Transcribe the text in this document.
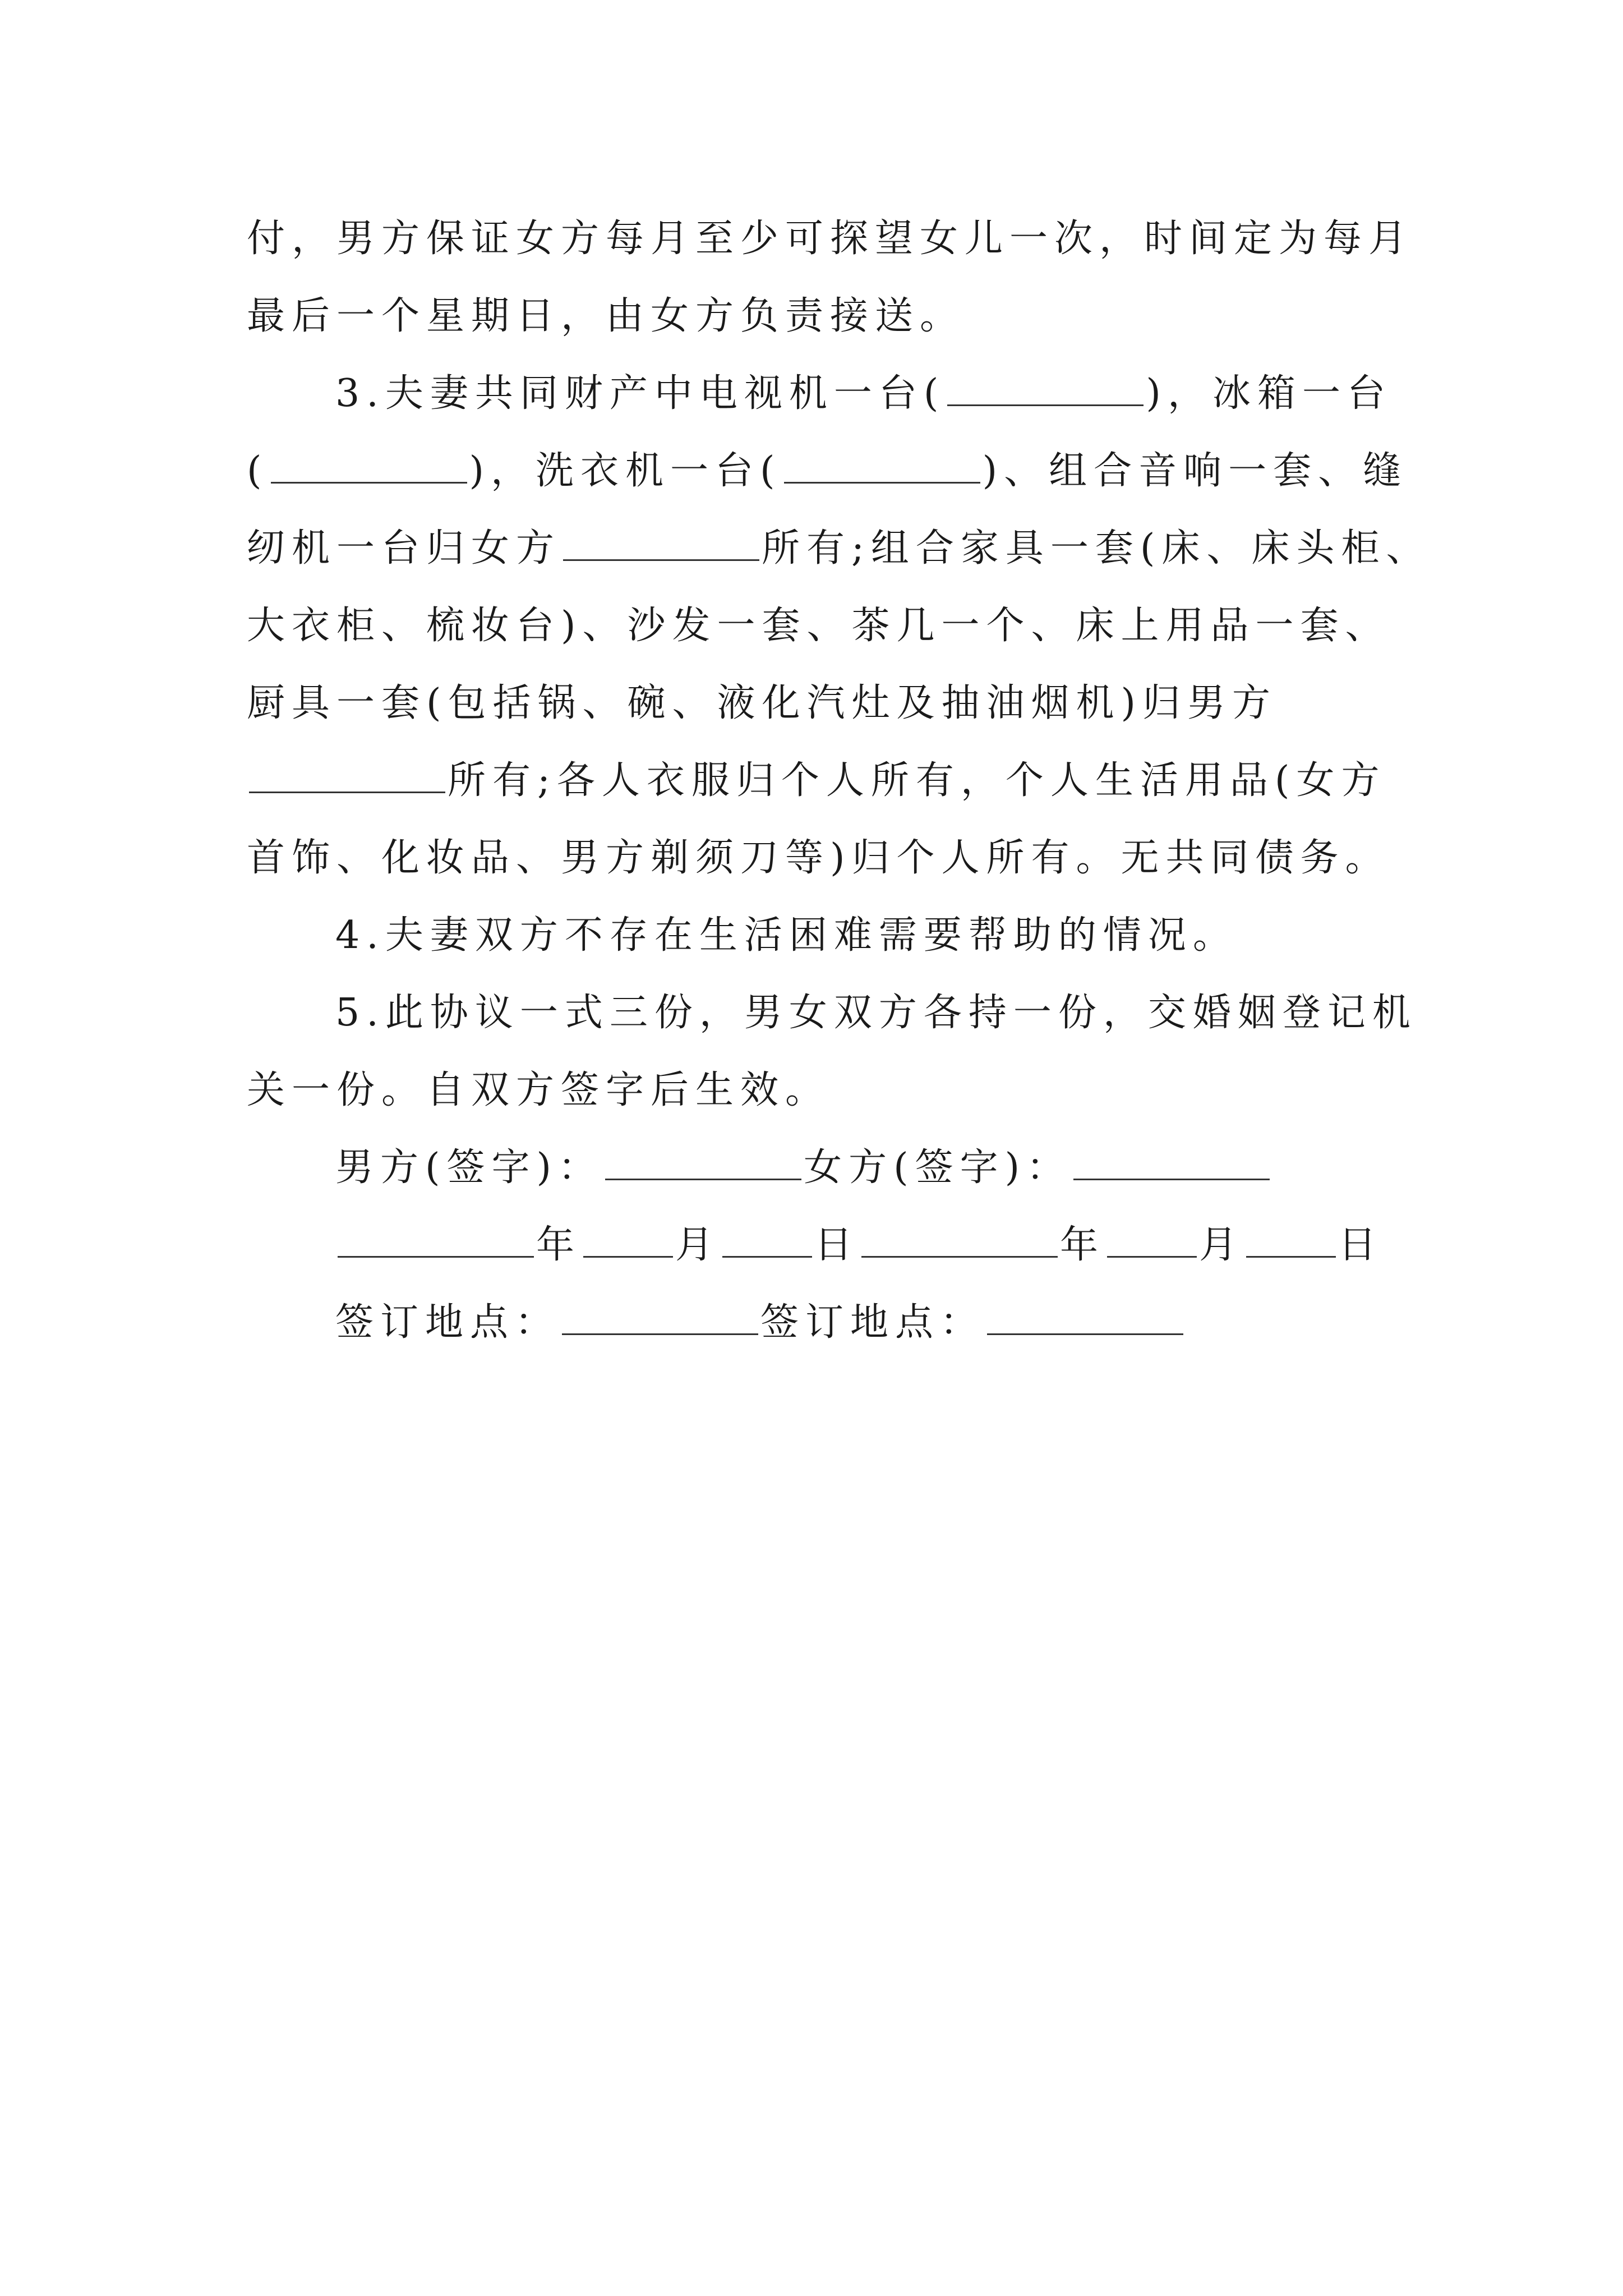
付，男方保证女方每月至少可探望女儿一次，时间定为每月
最后一个星期日，由女方负责接送。
3.夫妻共同财产中电视机一台(	)，冰箱一台
(	)，洗衣机一台(	)、组合音响一套、缝
纫机一台归女方	所有;组合家具一套(床、床头柜、
大衣柜、梳妆台)、沙发一套、茶几一个、床上用品一套、
厨具一套(包括锅、碗、液化汽灶及抽油烟机)归男方
所有;各人衣服归个人所有，个人生活用品(女方
首饰、化妆品、男方剃须刀等)归个人所有。无共同债务。
4.夫妻双方不存在生活困难需要帮助的情况。
5.此协议一式三份，男女双方各持一份，交婚姻登记机
关一份。自双方签字后生效。
男方(签字)：	女方(签字)：
年 月 日	年 月 日
签订地点：	签订地点：
